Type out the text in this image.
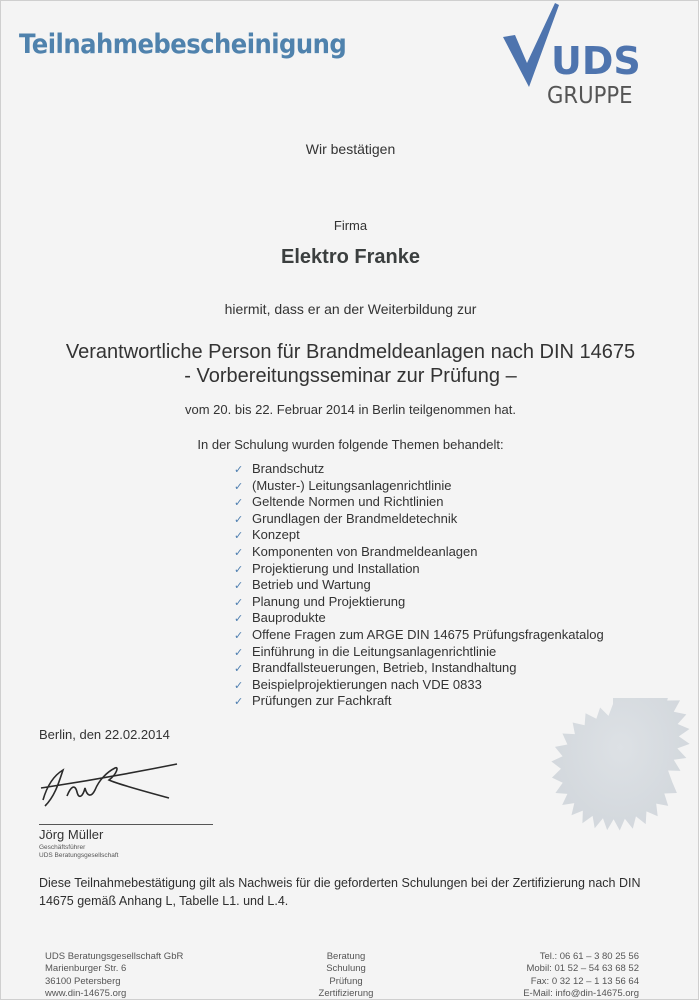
Teilnahmebescheinigung	UDS
GRUPPE
Wir bestätigen
Firma
Elektro Franke
hiermit, dass er an der Weiterbildung zur
Verantwortliche Person für Brandmeldeanlagen nach DIN 14675
- Vorbereitungsseminar zur Prüfung –
vom 20. bis 22. Februar 2014 in Berlin teilgenommen hat.
In der Schulung wurden folgende Themen behandelt:
✓ Brandschutz
✓ (Muster-) Leitungsanlagenrichtlinie
✓ Geltende Normen und Richtlinien
✓ Grundlagen der Brandmeldetechnik
✓ Konzept
✓ Komponenten von Brandmeldeanlagen
✓ Projektierung und Installation
✓ Betrieb und Wartung
✓ Planung und Projektierung
✓ Bauprodukte
✓ Offene Fragen zum ARGE DIN 14675 Prüfungsfragenkatalog
✓ Einführung in die Leitungsanlagenrichtlinie
✓ Brandfallsteuerungen, Betrieb, Instandhaltung
✓ Beispielprojektierungen nach VDE 0833
✓ Prüfungen zur Fachkraft
Berlin, den 22.02.2014
Jörg Müller
Geschäftsführer
UDS Beratungsgesellschaft
Diese Teilnahmebestätigung gilt als Nachweis für die geforderten Schulungen bei der Zertifizierung nach DIN 14675 gemäß Anhang L, Tabelle L1. und L.4.
UDS Beratungsgesellschaft GbR
Marienburger Str. 6
36100 Petersberg
www.din-14675.org
Beratung
Schulung
Prüfung
Zertifizierung
Tel.: 06 61 – 3 80 25 56
Mobil: 01 52 – 54 63 68 52
Fax: 0 32 12 – 1 13 56 64
E-Mail: info@din-14675.org
